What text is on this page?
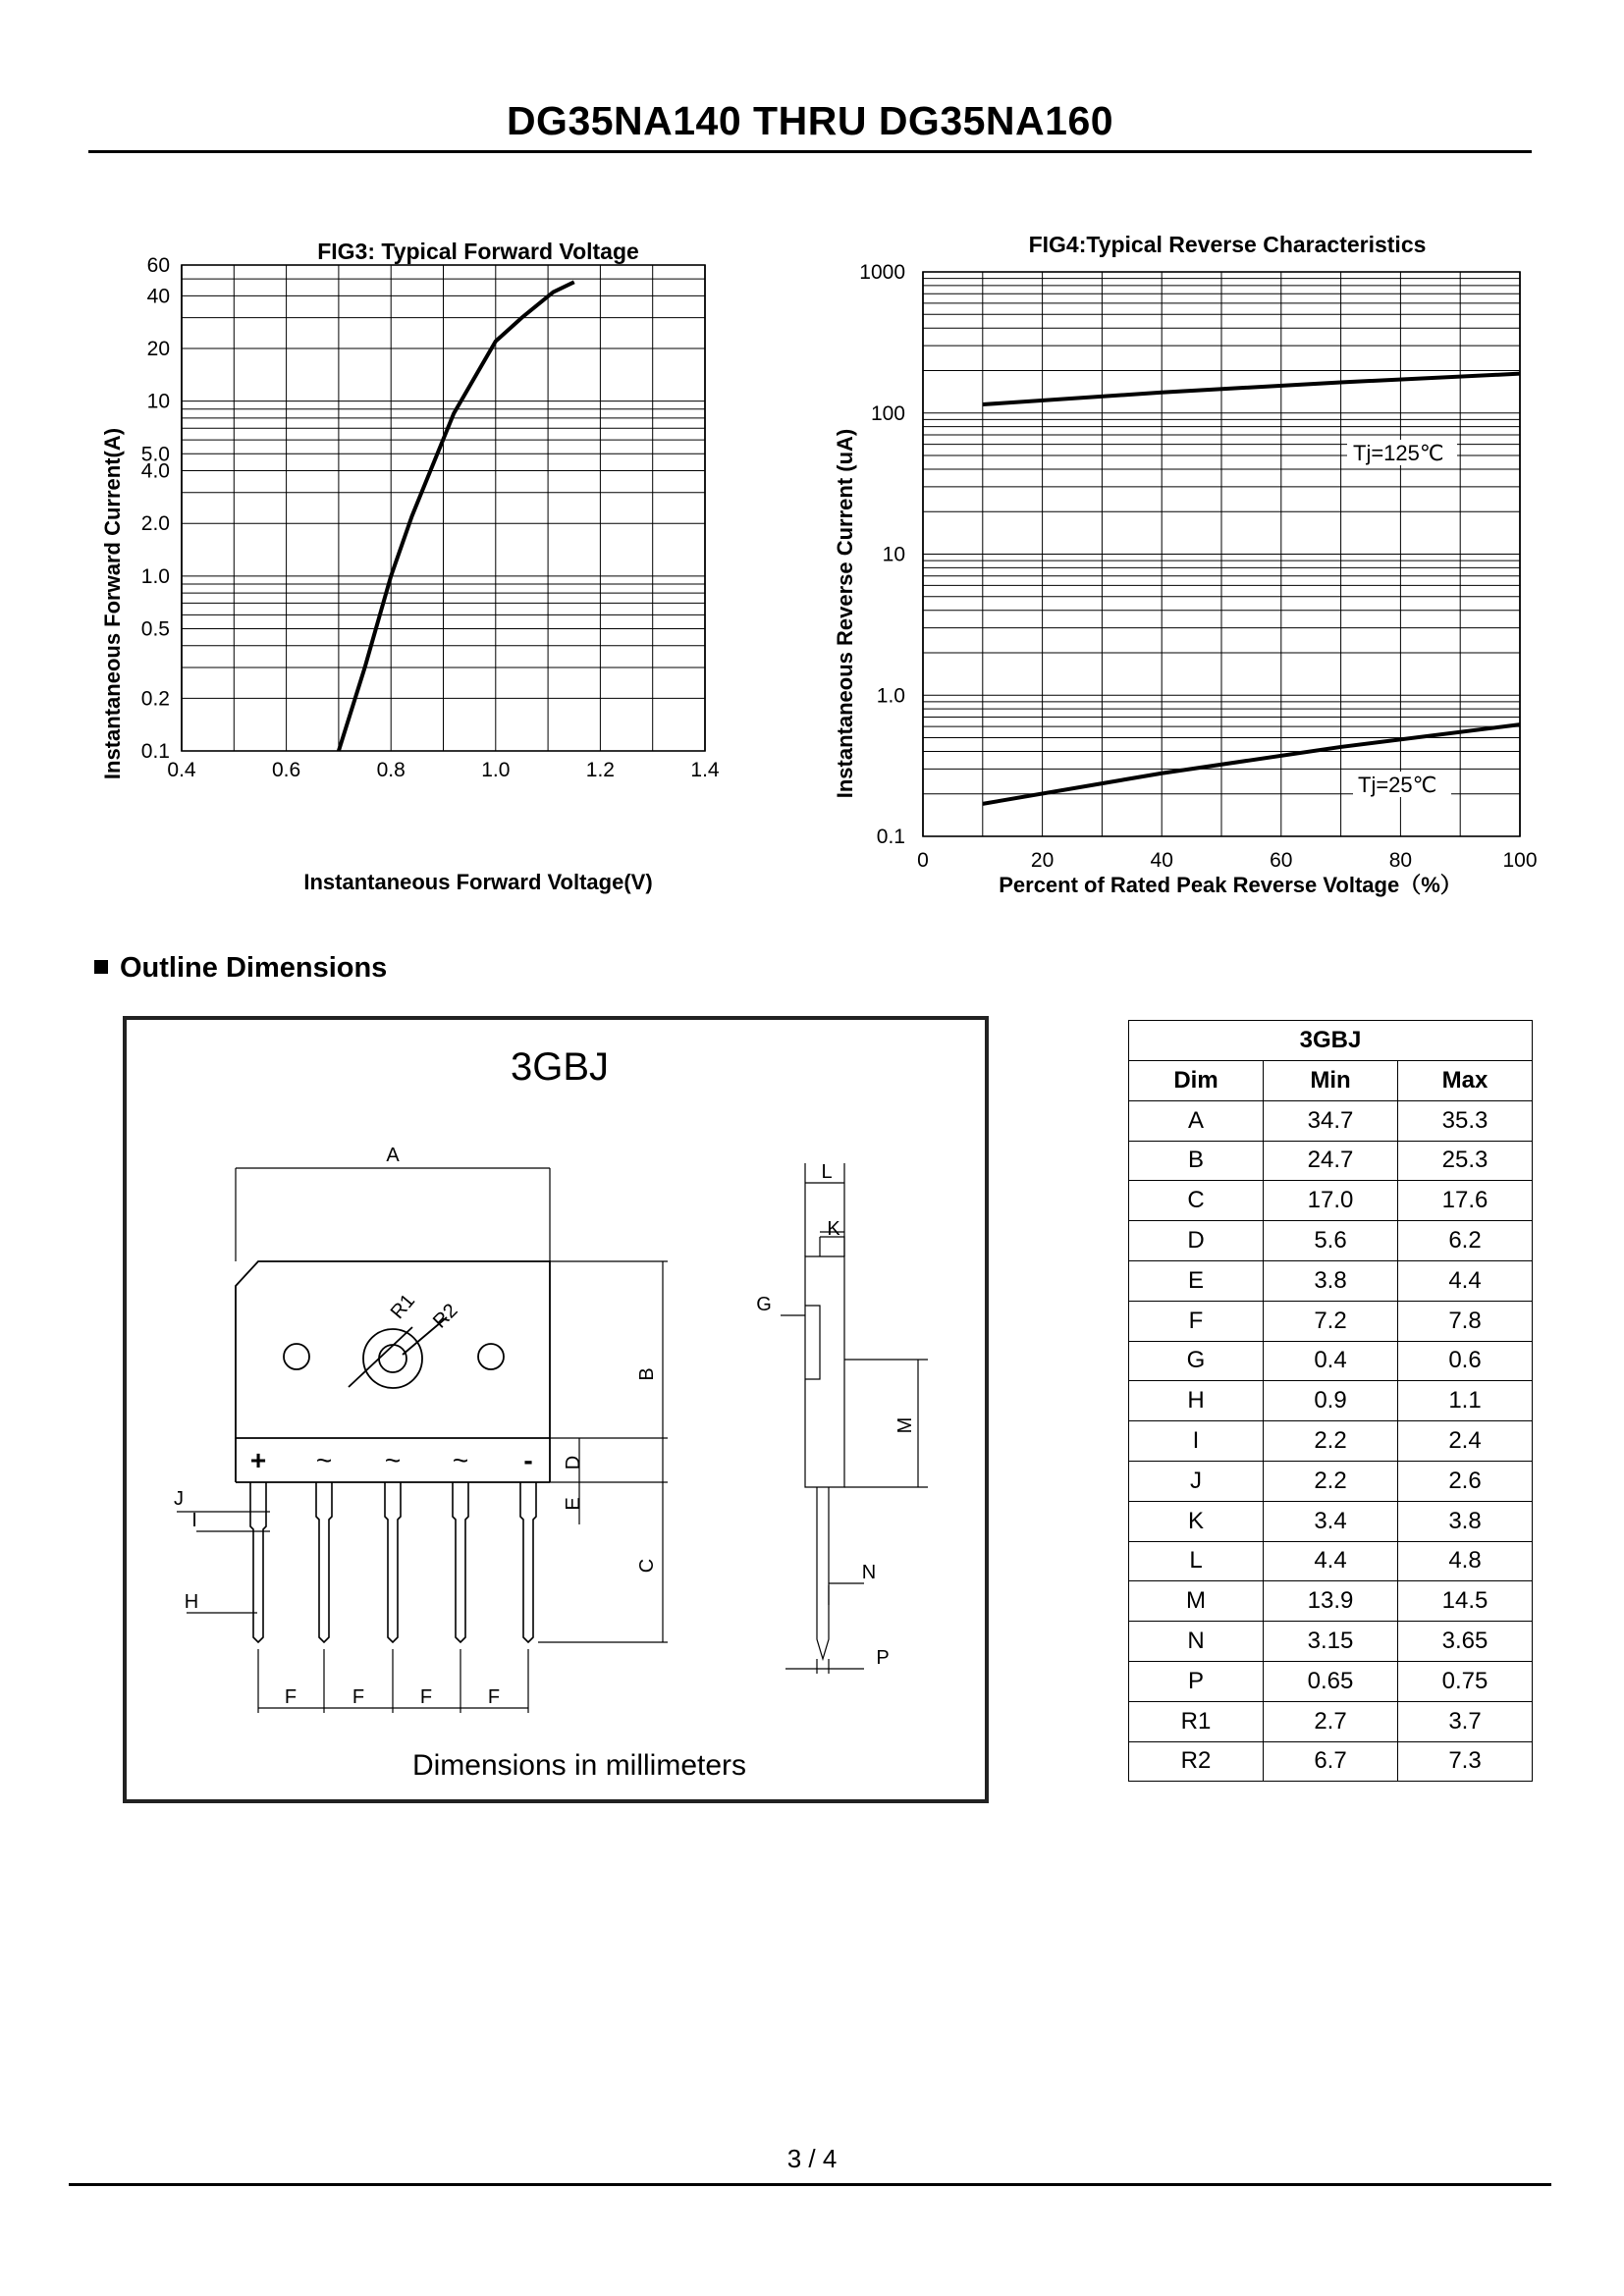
DG35NA140 THRU DG35NA160
FIG3: Typical Forward Voltage
0.1
0.2
0.5
1.0
2.0
4.0
5.0
10
20
40
60
0.4	0.6	0.8	1.0	1.2	1.4
Instantaneous Forward Voltage(V)
Instantaneous Forward Current(A)
FIG4:Typical Reverse Characteristics
0.1
1.0
10
100
1000
0	20	40	60	80	100
Tj=125℃
Tj=25℃
Percent of Rated Peak Reverse Voltage（%）
Instantaneous Reverse Current (uA)
Outline Dimensions
3GBJ
+ ~ ~ ~ -
A
B
C
D
E
F	F	F	F
J
I
H
G
L
K
M
N
P
R1 R2
Dimensions in millimeters
3GBJ		
Dim	Min	Max
A	34.7	35.3
B	24.7	25.3
C	17.0	17.6
D	5.6	6.2
E	3.8	4.4
F	7.2	7.8
G	0.4	0.6
H	0.9	1.1
I	2.2	2.4
J	2.2	2.6
K	3.4	3.8
L	4.4	4.8
M	13.9	14.5
N	3.15	3.65
P	0.65	0.75
R1	2.7	3.7
R2	6.7	7.3
3 / 4
